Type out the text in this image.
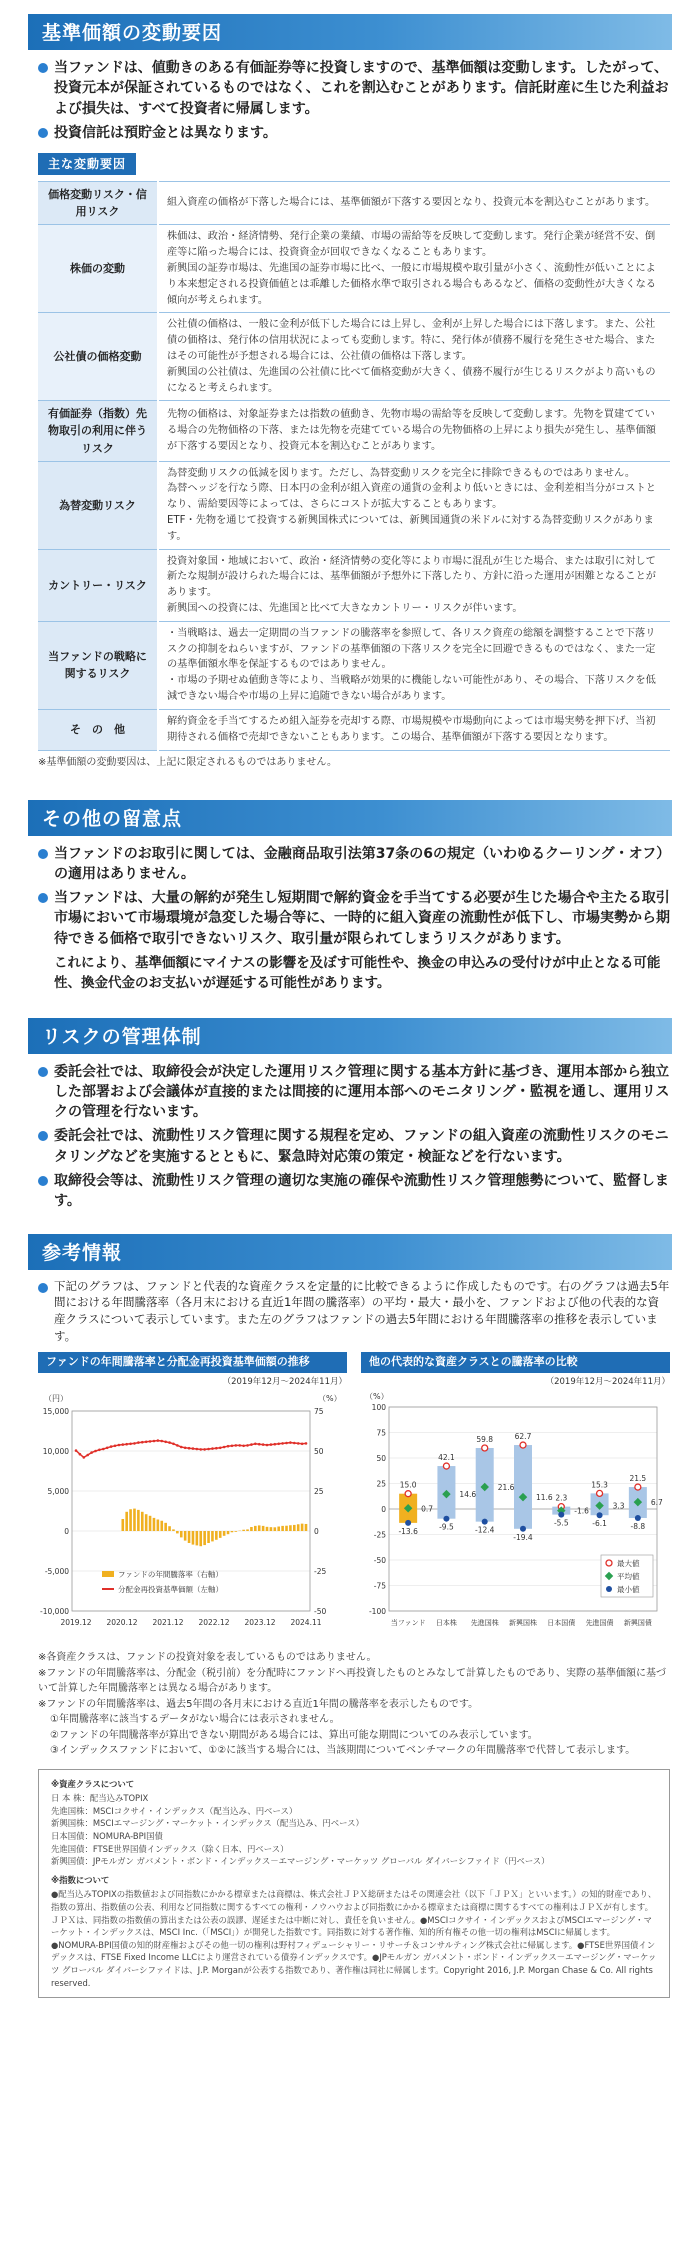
基準価額の変動要因
当ファンドは、値動きのある有価証券等に投資しますので、基準価額は変動します。したがって、投資元本が保証されているものではなく、これを割込むことがあります。信託財産に生じた利益および損失は、すべて投資者に帰属します。
投資信託は預貯金とは異なります。
主な変動要因
価格変動リスク・信用リスク	組入資産の価格が下落した場合には、基準価額が下落する要因となり、投資元本を割込むことがあります。
株価の変動	株価は、政治・経済情勢、発行企業の業績、市場の需給等を反映して変動します。発行企業が経営不安、倒産等に陥った場合には、投資資金が回収できなくなることもあります。
新興国の証券市場は、先進国の証券市場に比べ、一般に市場規模や取引量が小さく、流動性が低いことにより本来想定される投資価値とは乖離した価格水準で取引される場合もあるなど、価格の変動性が大きくなる傾向が考えられます。
公社債の価格変動	公社債の価格は、一般に金利が低下した場合には上昇し、金利が上昇した場合には下落します。また、公社債の価格は、発行体の信用状況によっても変動します。特に、発行体が債務不履行を発生させた場合、またはその可能性が予想される場合には、公社債の価格は下落します。
新興国の公社債は、先進国の公社債に比べて価格変動が大きく、債務不履行が生じるリスクがより高いものになると考えられます。
有価証券（指数）先物取引の利用に伴うリスク	先物の価格は、対象証券または指数の値動き、先物市場の需給等を反映して変動します。先物を買建てている場合の先物価格の下落、または先物を売建てている場合の先物価格の上昇により損失が発生し、基準価額が下落する要因となり、投資元本を割込むことがあります。
為替変動リスク	為替変動リスクの低減を図ります。ただし、為替変動リスクを完全に排除できるものではありません。
為替ヘッジを行なう際、日本円の金利が組入資産の通貨の金利より低いときには、金利差相当分がコストとなり、需給要因等によっては、さらにコストが拡大することもあります。
ETF・先物を通じて投資する新興国株式については、新興国通貨の米ドルに対する為替変動リスクがあります。
カントリー・リスク	投資対象国・地域において、政治・経済情勢の変化等により市場に混乱が生じた場合、または取引に対して新たな規制が設けられた場合には、基準価額が予想外に下落したり、方針に沿った運用が困難となることがあります。
新興国への投資には、先進国と比べて大きなカントリー・リスクが伴います。
当ファンドの戦略に関するリスク	・当戦略は、過去一定期間の当ファンドの騰落率を参照して、各リスク資産の総額を調整することで下落リスクの抑制をねらいますが、ファンドの基準価額の下落リスクを完全に回避できるものではなく、また一定の基準価額水準を保証するものではありません。
・市場の予期せぬ値動き等により、当戦略が効果的に機能しない可能性があり、その場合、下落リスクを低減できない場合や市場の上昇に追随できない場合があります。
そ　の　他	解約資金を手当てするため組入証券を売却する際、市場規模や市場動向によっては市場実勢を押下げ、当初期待される価格で売却できないこともあります。この場合、基準価額が下落する要因となります。
※基準価額の変動要因は、上記に限定されるものではありません。
その他の留意点
当ファンドのお取引に関しては、金融商品取引法第37条の6の規定（いわゆるクーリング・オフ）の適用はありません。
当ファンドは、大量の解約が発生し短期間で解約資金を手当てする必要が生じた場合や主たる取引市場において市場環境が急変した場合等に、一時的に組入資産の流動性が低下し、市場実勢から期待できる価格で取引できないリスク、取引量が限られてしまうリスクがあります。
これにより、基準価額にマイナスの影響を及ぼす可能性や、換金の申込みの受付けが中止となる可能性、換金代金のお支払いが遅延する可能性があります。
リスクの管理体制
委託会社では、取締役会が決定した運用リスク管理に関する基本方針に基づき、運用本部から独立した部署および会議体が直接的または間接的に運用本部へのモニタリング・監視を通し、運用リスクの管理を行ないます。
委託会社では、流動性リスク管理に関する規程を定め、ファンドの組入資産の流動性リスクのモニタリングなどを実施するとともに、緊急時対応策の策定・検証などを行ないます。
取締役会等は、流動性リスク管理の適切な実施の確保や流動性リスク管理態勢について、監督します。
参考情報
下記のグラフは、ファンドと代表的な資産クラスを定量的に比較できるように作成したものです。右のグラフは過去5年間における年間騰落率（各月末における直近1年間の騰落率）の平均・最大・最小を、ファンドおよび他の代表的な資産クラスについて表示しています。また左のグラフはファンドの過去5年間における年間騰落率の推移を表示しています。
ファンドの年間騰落率と分配金再投資基準価額の推移
（2019年12月～2024年11月）
（円）	（%）
15,000	75
10,000	50
5,000	25
0	0
-5,000	-25
-10,000	-50
2019.12 2020.12 2021.12 2022.12 2023.12 2024.11
ファンドの年間騰落率（右軸）
分配金再投資基準価額（左軸）
他の代表的な資産クラスとの騰落率の比較
（2019年12月～2024年11月）
（%）
100
75
50
25
0
-25
-50
-75
-100
15.0
0.7
-13.6
当ファンド
42.1
14.6
-9.5
日本株
59.8
21.6
-12.4
先進国株
62.7
11.6
-19.4
新興国株
2.3
-1.6
-5.5
日本国債
15.3
3.3
-6.1
先進国債
21.5
6.7
-8.8
新興国債
最大値
平均値
最小値
※各資産クラスは、ファンドの投資対象を表しているものではありません。
※ファンドの年間騰落率は、分配金（税引前）を分配時にファンドへ再投資したものとみなして計算したものであり、実際の基準価額に基づいて計算した年間騰落率とは異なる場合があります。
※ファンドの年間騰落率は、過去5年間の各月末における直近1年間の騰落率を表示したものです。
①年間騰落率に該当するデータがない場合には表示されません。
②ファンドの年間騰落率が算出できない期間がある場合には、算出可能な期間についてのみ表示しています。
③インデックスファンドにおいて、①②に該当する場合には、当該期間についてベンチマークの年間騰落率で代替して表示します。
※資産クラスについて
日 本 株：配当込みTOPIX
先進国株：MSCIコクサイ・インデックス（配当込み、円ベース）
新興国株：MSCIエマージング・マーケット・インデックス（配当込み、円ベース）
日本国債：NOMURA-BPI国債
先進国債：FTSE世界国債インデックス（除く日本、円ベース）
新興国債：JPモルガン ガバメント・ボンド・インデックス－エマージング・マーケッツ グローバル ダイバーシファイド（円ベース）
※指数について
●配当込みTOPIXの指数値および同指数にかかる標章または商標は、株式会社ＪＰＸ総研またはその関連会社（以下「ＪＰＸ」といいます。）の知的財産であり、指数の算出、指数値の公表、利用など同指数に関するすべての権利・ノウハウおよび同指数にかかる標章または商標に関するすべての権利はＪＰＸが有します。ＪＰＸは、同指数の指数値の算出または公表の誤謬、遅延または中断に対し、責任を負いません。●MSCIコクサイ・インデックスおよびMSCIエマージング・マーケット・インデックスは、MSCI Inc.（「MSCI」）が開発した指数です。同指数に対する著作権、知的所有権その他一切の権利はMSCIに帰属します。●NOMURA-BPI国債の知的財産権およびその他一切の権利は野村フィデューシャリー・リサーチ＆コンサルティング株式会社に帰属します。●FTSE世界国債インデックスは、FTSE Fixed Income LLCにより運営されている債券インデックスです。●JPモルガン ガバメント・ボンド・インデックス－エマージング・マーケッツ グローバル ダイバーシファイドは、J.P. Morganが公表する指数であり、著作権は同社に帰属します。Copyright 2016, J.P. Morgan Chase & Co. All rights reserved.
